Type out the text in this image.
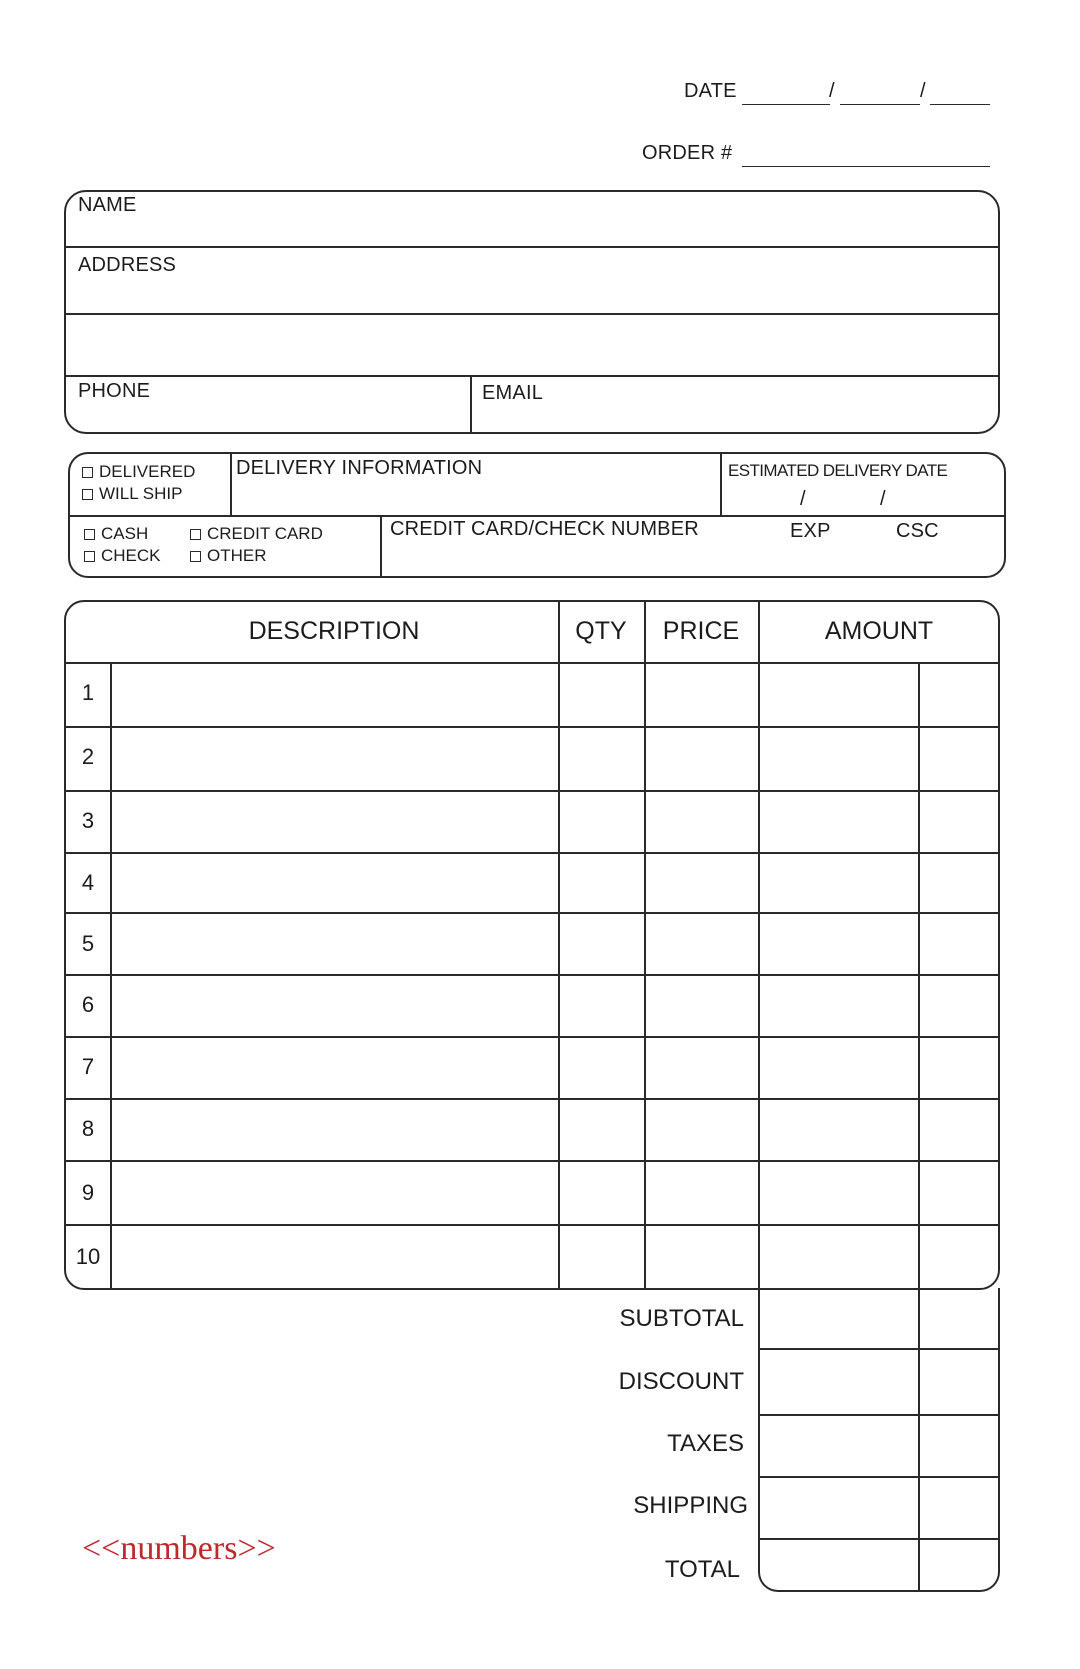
DATE	/	/
ORDER #
NAME
ADDRESS
PHONE	EMAIL
DELIVERED
WILL SHIP
DELIVERY INFORMATION	ESTIMATED DELIVERY DATE
/	/
CASH	CREDIT CARD
CHECK	OTHER
CREDIT CARD/CHECK NUMBER	EXP	CSC
DESCRIPTION	QTY	PRICE	AMOUNT
1
2
3
4
5
6
7
8
9
10
SUBTOTAL
DISCOUNT
TAXES
SHIPPING
TOTAL
<<numbers>>
